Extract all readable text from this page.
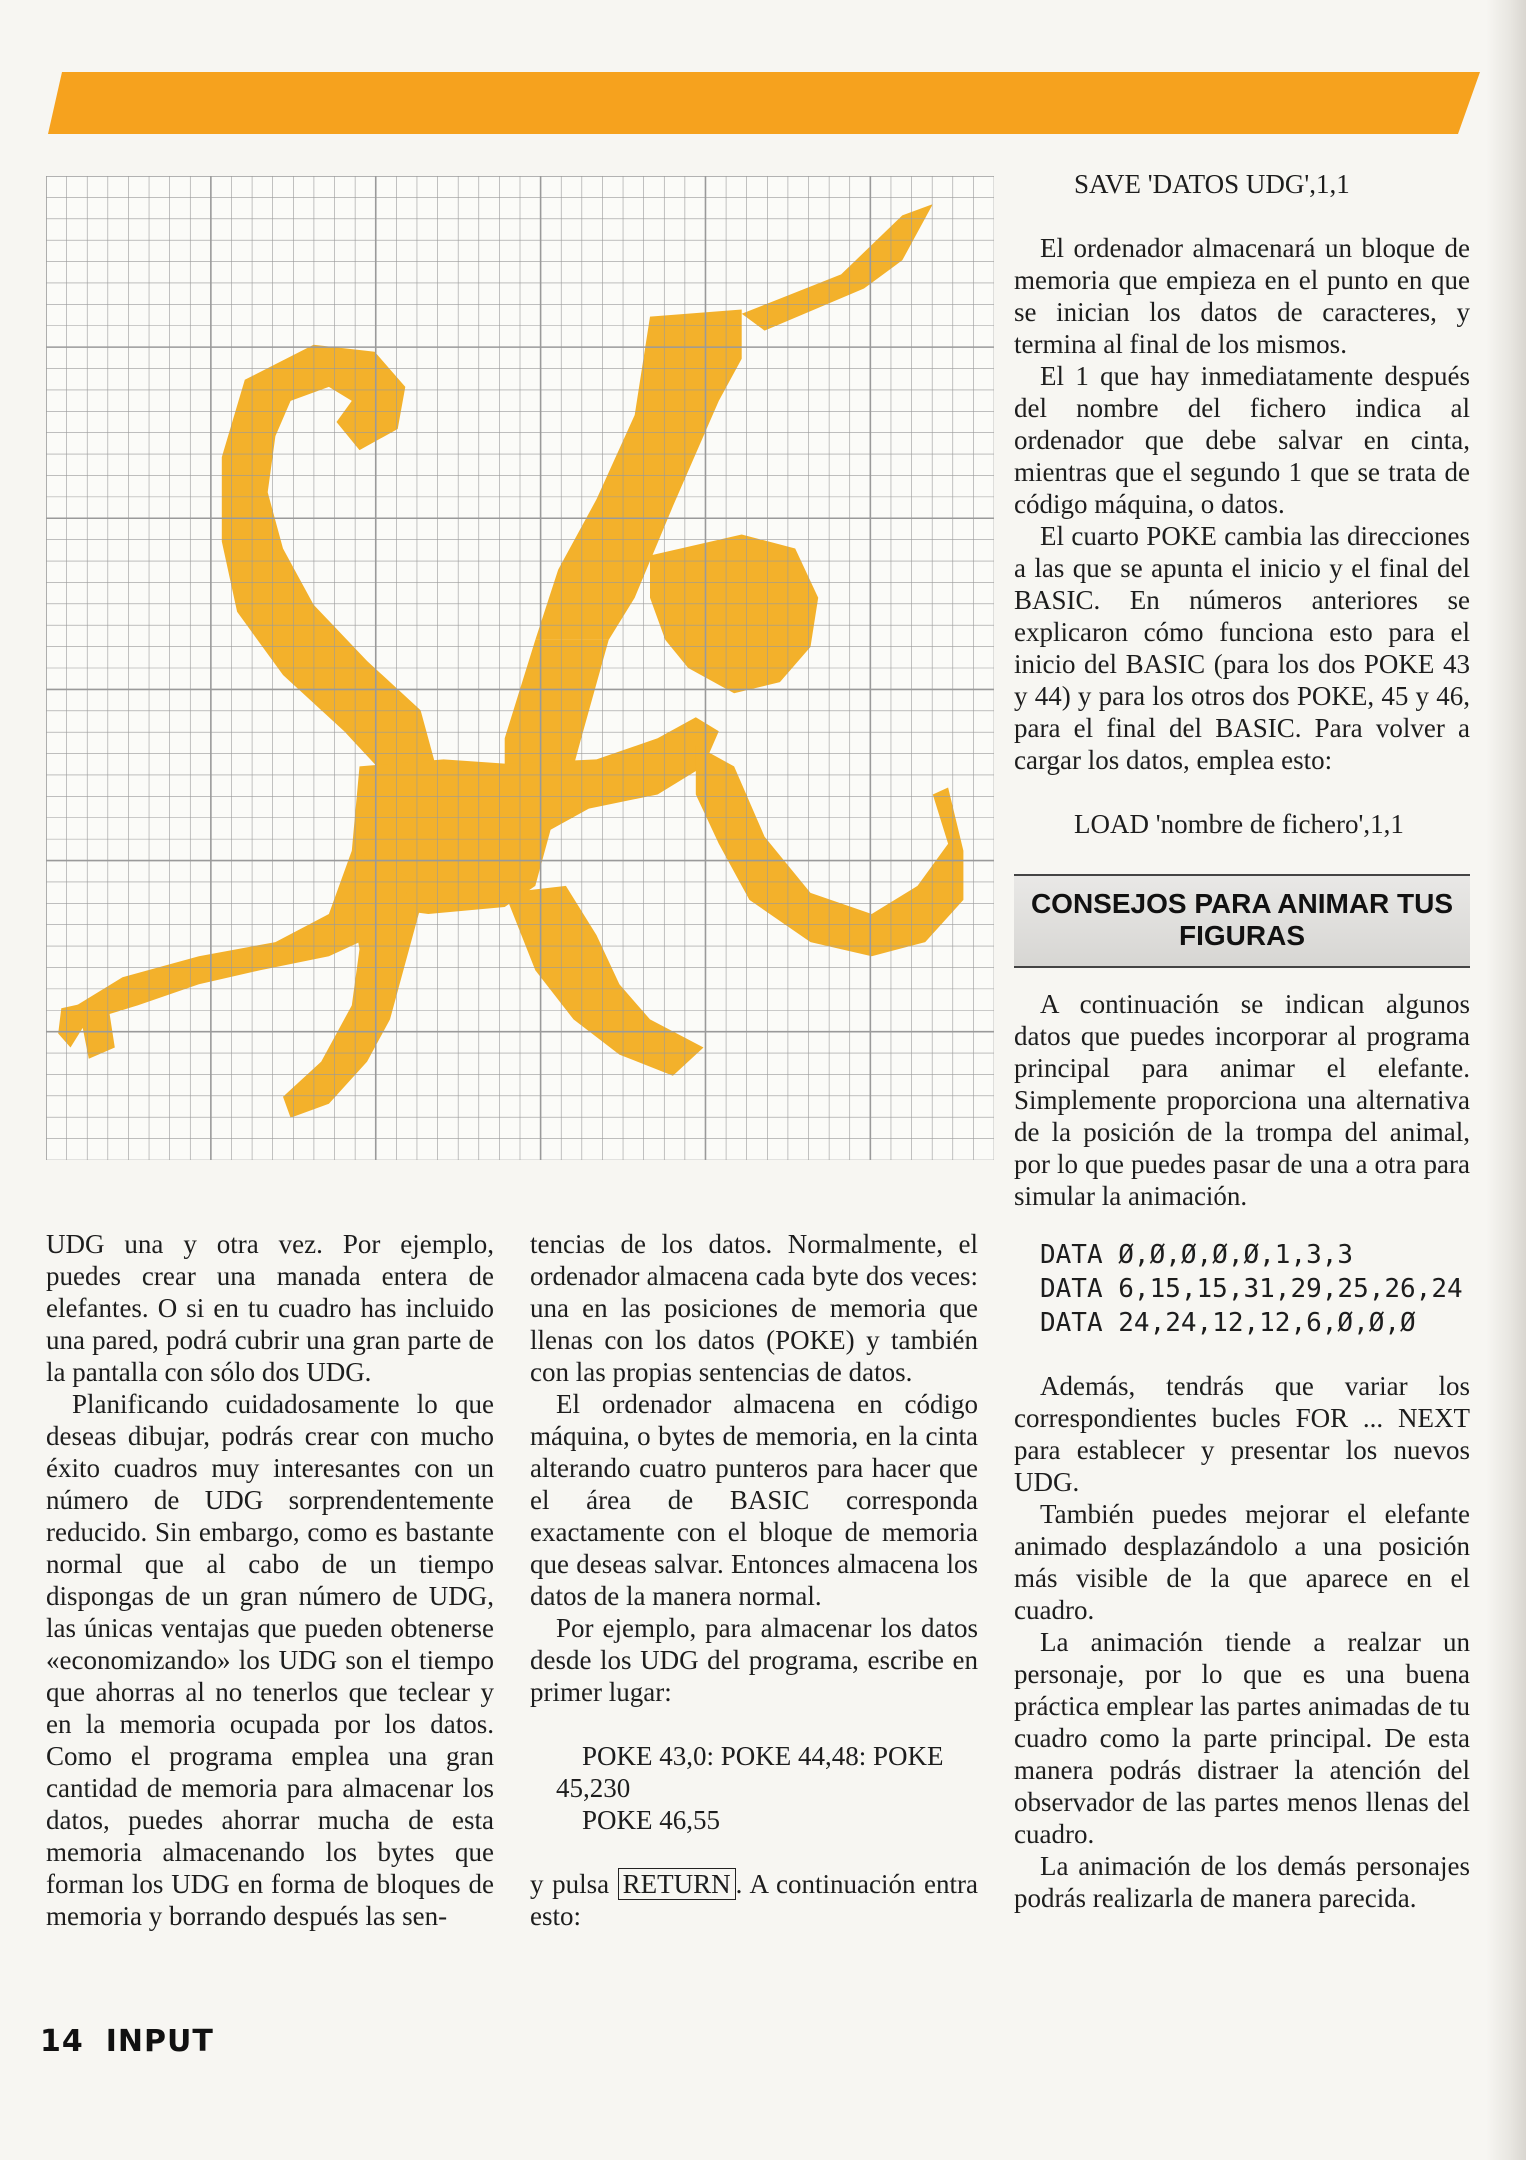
UDG una y otra vez. Por ejemplo, puedes crear una manada entera de elefantes. O si en tu cuadro has incluido una pared, podrá cubrir una gran parte de la pantalla con sólo dos UDG.

Planificando cuidadosamente lo que deseas dibujar, podrás crear con mucho éxito cuadros muy interesantes con un número de UDG sorprendentemente reducido. Sin embargo, como es bastante normal que al cabo de un tiempo dispongas de un gran número de UDG, las únicas ventajas que pueden obtenerse «economizando» los UDG son el tiempo que ahorras al no tenerlos que teclear y en la memoria ocupada por los datos. Como el programa emplea una gran cantidad de memoria para almacenar los datos, puedes ahorrar mucha de esta memoria almacenando los bytes que forman los UDG en forma de bloques de memoria y borrando después las sen-

tencias de los datos. Normalmente, el ordenador almacena cada byte dos veces: una en las posiciones de memoria que llenas con los datos (POKE) y también con las propias sentencias de datos.

El ordenador almacena en código máquina, o bytes de memoria, en la cinta alterando cuatro punteros para hacer que el área de BASIC corresponda exactamente con el bloque de memoria que deseas salvar. Entonces almacena los datos de la manera normal.

Por ejemplo, para almacenar los datos desde los UDG del programa, escribe en primer lugar:

POKE 43,0: POKE 44,48: POKE

45,230

POKE 46,55

y pulsa RETURN . A continuación entra esto:

SAVE 'DATOS UDG',1,1

El ordenador almacenará un bloque de memoria que empieza en el punto en que se inician los datos de caracteres, y termina al final de los mismos.

El 1 que hay inmediatamente después del nombre del fichero indica al ordenador que debe salvar en cinta, mientras que el segundo 1 que se trata de código máquina, o datos.

El cuarto POKE cambia las direcciones a las que se apunta el inicio y el final del BASIC. En números anteriores se explicaron cómo funciona esto para el inicio del BASIC (para los dos POKE 43 y 44) y para los otros dos POKE, 45 y 46, para el final del BASIC. Para volver a cargar los datos, emplea esto:

LOAD 'nombre de fichero',1,1

CONSEJOS PARA ANIMAR TUS FIGURAS

A continuación se indican algunos datos que puedes incorporar al programa principal para animar el elefante. Simplemente proporciona una alternativa de la posición de la trompa del animal, por lo que puedes pasar de una a otra para simular la animación.

DATA Ø,Ø,Ø,Ø,Ø,1,3,3

DATA 6,15,15,31,29,25,26,24

DATA 24,24,12,12,6,Ø,Ø,Ø

Además, tendrás que variar los correspondientes bucles FOR ... NEXT para establecer y presentar los nuevos UDG.

También puedes mejorar el elefante animado desplazándolo a una posición más visible de la que aparece en el cuadro.

La animación tiende a realzar un personaje, por lo que es una buena práctica emplear las partes animadas de tu cuadro como la parte principal. De esta manera podrás distraer la atención del observador de las partes menos llenas del cuadro.

La animación de los demás personajes podrás realizarla de manera parecida.

14 INPUT
